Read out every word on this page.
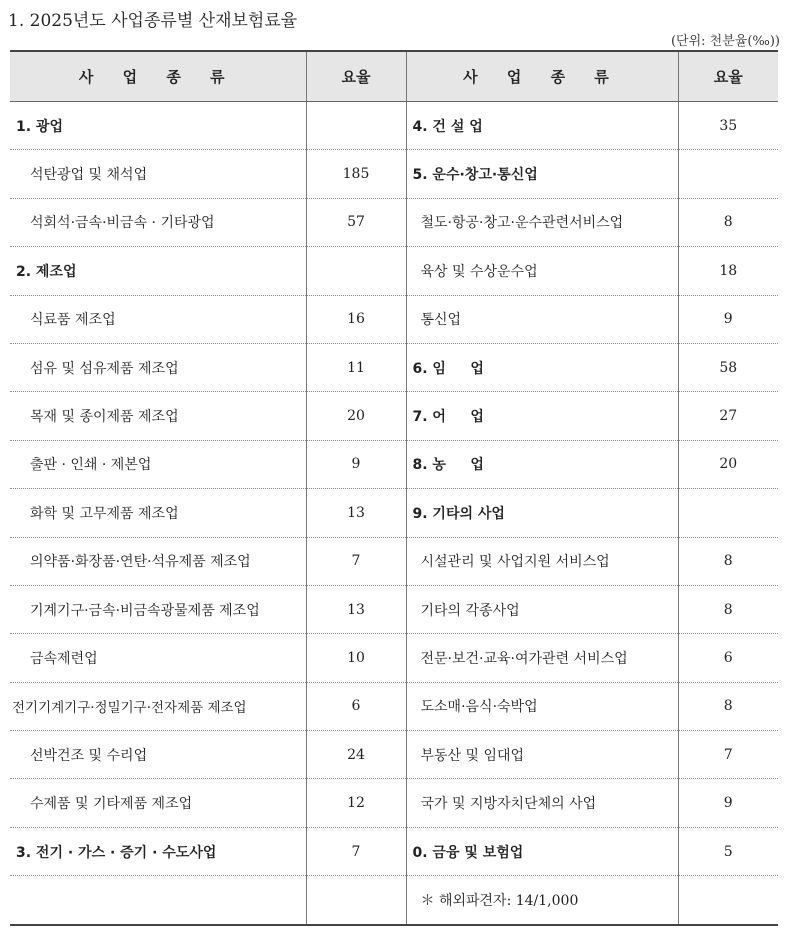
1. 2025년도 사업종류별 산재보험료율
(단위: 천분율(‰))
사 업 종 류	요율	사 업 종 류	요율
1. 광업		4. 건 설 업	35
석탄광업 및 채석업	185	5. 운수·창고·통신업	
석회석·금속·비금속 · 기타광업	57	철도·항공·창고·운수관련서비스업	8
2. 제조업		육상 및 수상운수업	18
식료품 제조업	16	통신업	9
섬유 및 섬유제품 제조업	11	6. 임     업	58
목재 및 종이제품 제조업	20	7. 어     업	27
출판 · 인쇄 · 제본업	9	8. 농     업	20
화학 및 고무제품 제조업	13	9. 기타의 사업	
의약품·화장품·연탄·석유제품 제조업	7	시설관리 및 사업지원 서비스업	8
기계기구·금속·비금속광물제품 제조업	13	기타의 각종사업	8
금속제련업	10	전문·보건·교육·여가관련 서비스업	6
전기기계기구·정밀기구·전자제품 제조업	6	도소매·음식·숙박업	8
선박건조 및 수리업	24	부동산 및 임대업	7
수제품 및 기타제품 제조업	12	국가 및 지방자치단체의 사업	9
3. 전기 · 가스 · 증기 · 수도사업	7	0. 금융 및 보험업	5
		＊ 해외파견자: 14/1,000	
